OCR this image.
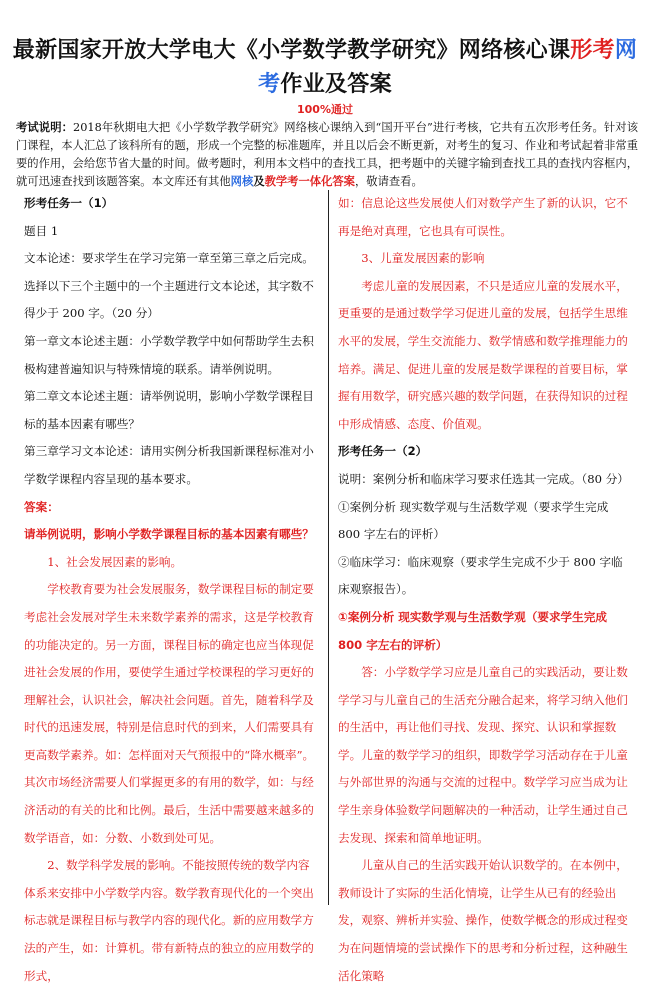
最新国家开放大学电大《小学数学教学研究》网络核心课形考网考作业及答案
100%通过
考试说明：2018年秋期电大把《小学数学教学研究》网络核心课纳入到“国开平台”进行考核，它共有五次形考任务。针对该门课程，本人汇总了该科所有的题，形成一个完整的标准题库，并且以后会不断更新，对考生的复习、作业和考试起着非常重要的作用，会给您节省大量的时间。做考题时，利用本文档中的查找工具，把考题中的关键字输到查找工具的查找内容框内，就可迅速查找到该题答案。本文库还有其他网核及教学考一体化答案，敬请查看。

形考任务一（1）

题目 1

文本论述：要求学生在学习完第一章至第三章之后完成。选择以下三个主题中的一个主题进行文本论述，其字数不得少于 200 字。（20 分）

第一章文本论述主题：小学数学教学中如何帮助学生去积极构建普遍知识与特殊情境的联系。请举例说明。

第二章文本论述主题：请举例说明，影响小学数学课程目标的基本因素有哪些？

第三章学习文本论述：请用实例分析我国新课程标准对小学数学课程内容呈现的基本要求。

答案：

请举例说明，影响小学数学课程目标的基本因素有哪些？

1、社会发展因素的影响。

学校教育要为社会发展服务，数学课程目标的制定要考虑社会发展对学生未来数学素养的需求，这是学校教育的功能决定的。另一方面，课程目标的确定也应当体现促进社会发展的作用，要使学生通过学校课程的学习更好的理解社会，认识社会，解决社会问题。首先，随着科学及时代的迅速发展，特别是信息时代的到来，人们需要具有更高数学素养。如：怎样面对天气预报中的“降水概率”。其次市场经济需要人们掌握更多的有用的数学，如：与经济活动的有关的比和比例。最后，生活中需要越来越多的数学语音，如：分数、小数到处可见。

2、数学科学发展的影响。不能按照传统的数学内容体系来安排中小学数学内容。数学教育现代化的一个突出标志就是课程目标与教学内容的现代化。新的应用数学方法的产生，如：计算机。带有新特点的独立的应用数学的形式，

如：信息论这些发展使人们对数学产生了新的认识，它不再是绝对真理，它也具有可误性。

3、儿童发展因素的影响

考虑儿童的发展因素，不只是适应儿童的发展水平，更重要的是通过数学学习促进儿童的发展，包括学生思维水平的发展，学生交流能力、数学情感和数学推理能力的培养。满足、促进儿童的发展是数学课程的首要目标，掌握有用数学，研究感兴趣的数学问题，在获得知识的过程中形成情感、态度、价值观。

形考任务一（2）

说明：案例分析和临床学习要求任选其一完成。（80 分）

①案例分析 现实数学观与生活数学观（要求学生完成 800 字左右的评析）

②临床学习：临床观察（要求学生完成不少于 800 字临床观察报告）。

①案例分析 现实数学观与生活数学观（要求学生完成 800 字左右的评析）

答：小学数学学习应是儿童自己的实践活动，要让数学学习与儿童自己的生活充分融合起来，将学习纳入他们的生活中，再让他们寻找、发现、探究、认识和掌握数学。儿童的数学学习的组织，即数学学习活动存在于儿童与外部世界的沟通与交流的过程中。数学学习应当成为让学生亲身体验数学问题解决的一种活动，让学生通过自己去发现、探索和简单地证明。

儿童从自己的生活实践开始认识数学的。在本例中，教师设计了实际的生活化情境，让学生从已有的经验出发，观察、辨析并实验、操作，使数学概念的形成过程变为在问题情境的尝试操作下的思考和分析过程，这种融生活化策略
